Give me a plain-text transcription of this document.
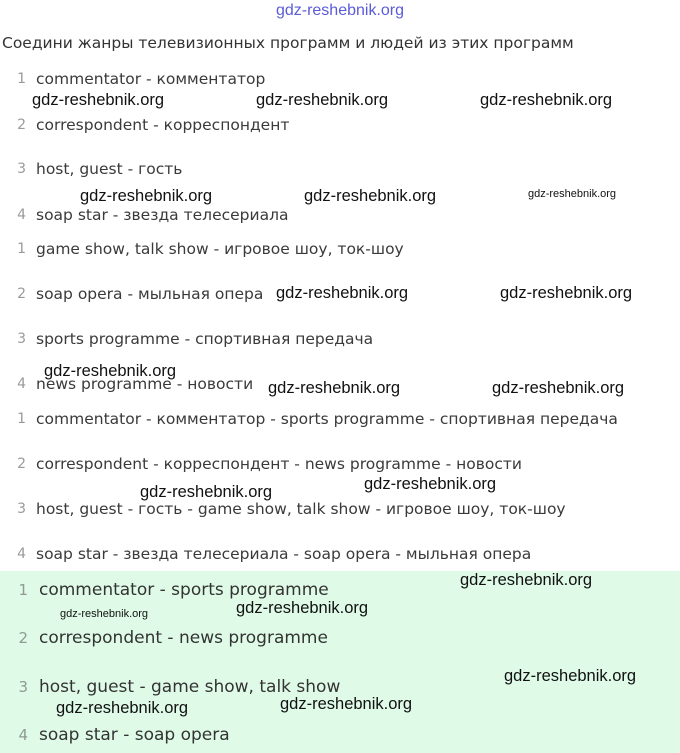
gdz-reshebnik.org
Соедини жанры телевизионных программ и людей из этих программ
1 commentator - комментатор
2 correspondent - корреспондент
3 host, guest - гость
4 soap star - звезда телесериала
1 game show, talk show - игровое шоу, ток-шоу
2 soap opera - мыльная опера
3 sports programme - спортивная передача
4 news programme - новости
1 commentator - комментатор - sports programme - спортивная передача
2 correspondent - корреспондент - news programme - новости
3 host, guest - гость - game show, talk show - игровое шоу, ток-шоу
4 soap star - звезда телесериала - soap opera - мыльная опера
1 commentator - sports programme
2 correspondent - news programme
3 host, guest - game show, talk show
4 soap star - soap opera
gdz-reshebnik.org	gdz-reshebnik.org	gdz-reshebnik.org
gdz-reshebnik.org	gdz-reshebnik.org	gdz-reshebnik.org
gdz-reshebnik.org	gdz-reshebnik.org
gdz-reshebnik.org
gdz-reshebnik.org	gdz-reshebnik.org
gdz-reshebnik.org	gdz-reshebnik.org
gdz-reshebnik.org
gdz-reshebnik.org	gdz-reshebnik.org
gdz-reshebnik.org
gdz-reshebnik.org	gdz-reshebnik.org
